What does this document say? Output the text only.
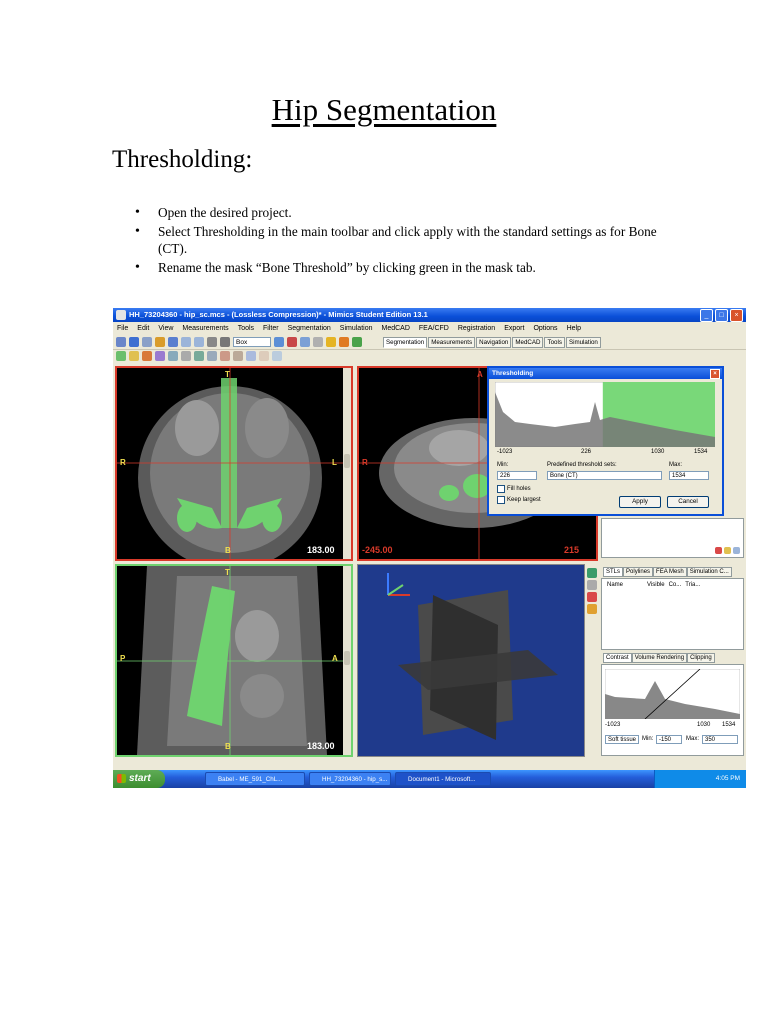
Hip Segmentation
Thresholding:
• Open the desired project.
• Select Thresholding in the main toolbar and click apply with the standard settings as for Bone (CT).
• Rename the mask “Bone Threshold” by clicking green in the mask tab.
HH_73204360 - hip_sc.mcs - (Lossless Compression)* - Mimics Student Edition 13.1	_	□	×
File Edit View Measurements Tools Filter Segmentation Simulation MedCAD FEA/CFD Registration Export Options Help
Box	Segmentation	Measurements	Navigation	MedCAD	Tools	Simulation
T
R	L
B	183.00
A
R
-245.00	215
T
P	A
B	183.00
Thresholding	×
-1023	226	1030	1534
Min:
226
Predefined threshold sets:
Bone (CT)
Max:
1534
Fill holes
Keep largest	Apply	Cancel
STLs	Polylines	FEA Mesh	Simulation C...
Name	Visible Co... Tria...
Contrast	Volume Rendering	Clipping
-1023	1030 1534
Soft tissue Min: -150	Max: 350
start	Babel - ME_591_ChL...	HH_73204360 - hip_s...	Document1 - Microsoft...	4:05 PM
